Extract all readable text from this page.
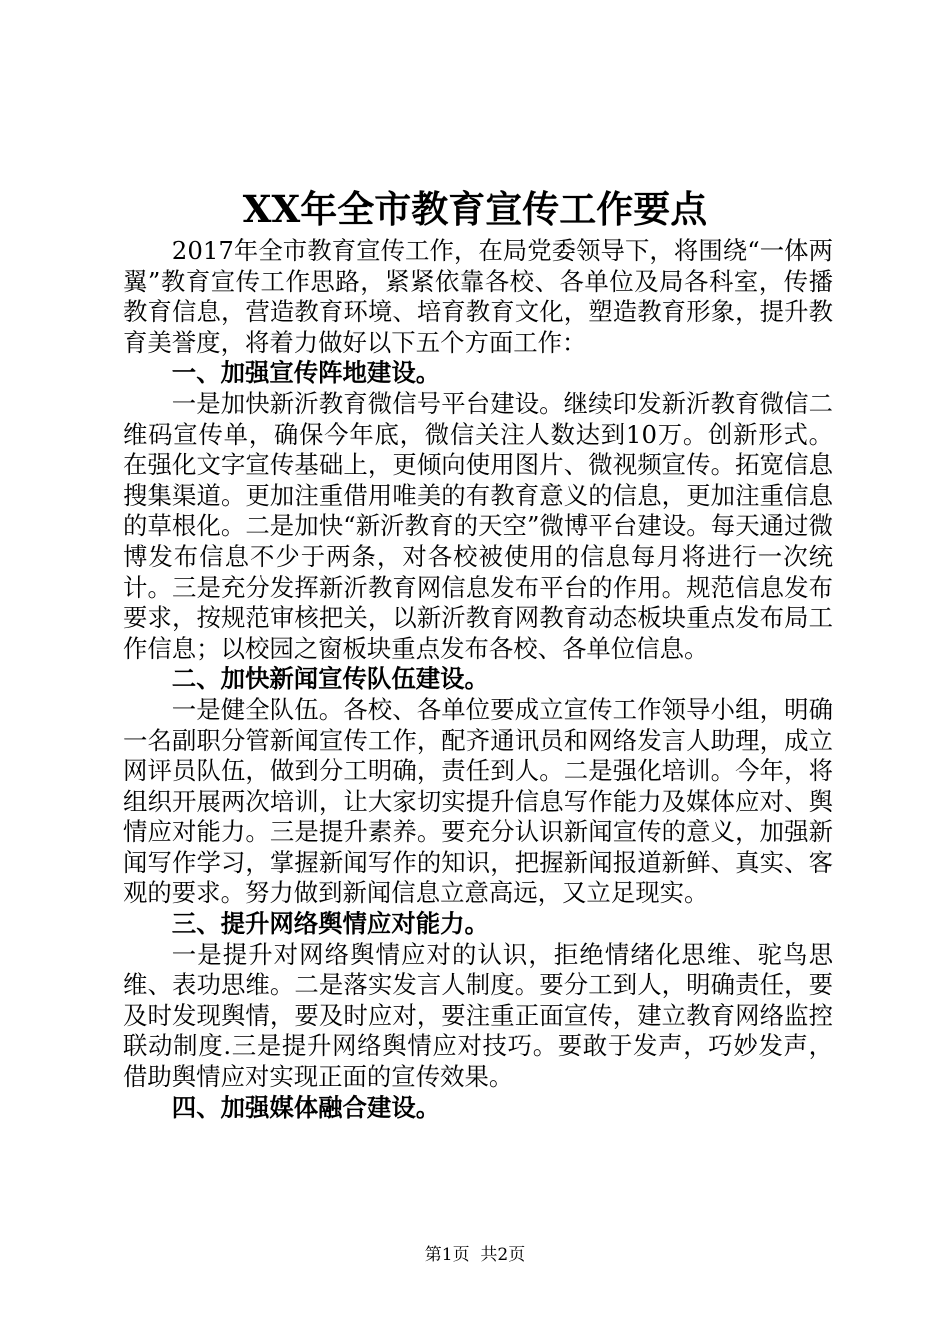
XX年全市教育宣传工作要点

2017年全市教育宣传工作，在局党委领导下，将围绕“一体两翼”教育宣传工作思路，紧紧依靠各校、各单位及局各科室，传播教育信息，营造教育环境、培育教育文化，塑造教育形象，提升教育美誉度，将着力做好以下五个方面工作：

一、加强宣传阵地建设。

一是加快新沂教育微信号平台建设。继续印发新沂教育微信二维码宣传单，确保今年底，微信关注人数达到10万。创新形式。在强化文字宣传基础上，更倾向使用图片、微视频宣传。拓宽信息搜集渠道。更加注重借用唯美的有教育意义的信息，更加注重信息的草根化。二是加快“新沂教育的天空”微博平台建设。每天通过微博发布信息不少于两条，对各校被使用的信息每月将进行一次统计。三是充分发挥新沂教育网信息发布平台的作用。规范信息发布要求，按规范审核把关，以新沂教育网教育动态板块重点发布局工作信息；以校园之窗板块重点发布各校、各单位信息。

二、加快新闻宣传队伍建设。

一是健全队伍。各校、各单位要成立宣传工作领导小组，明确一名副职分管新闻宣传工作，配齐通讯员和网络发言人助理，成立网评员队伍，做到分工明确，责任到人。二是强化培训。今年，将组织开展两次培训，让大家切实提升信息写作能力及媒体应对、舆情应对能力。三是提升素养。要充分认识新闻宣传的意义，加强新闻写作学习，掌握新闻写作的知识，把握新闻报道新鲜、真实、客观的要求。努力做到新闻信息立意高远，又立足现实。

三、提升网络舆情应对能力。

一是提升对网络舆情应对的认识，拒绝情绪化思维、驼鸟思维、表功思维。二是落实发言人制度。要分工到人，明确责任，要及时发现舆情，要及时应对，要注重正面宣传，建立教育网络监控联动制度.三是提升网络舆情应对技巧。要敢于发声，巧妙发声，借助舆情应对实现正面的宣传效果。

四、加强媒体融合建设。
第1页 共2页
